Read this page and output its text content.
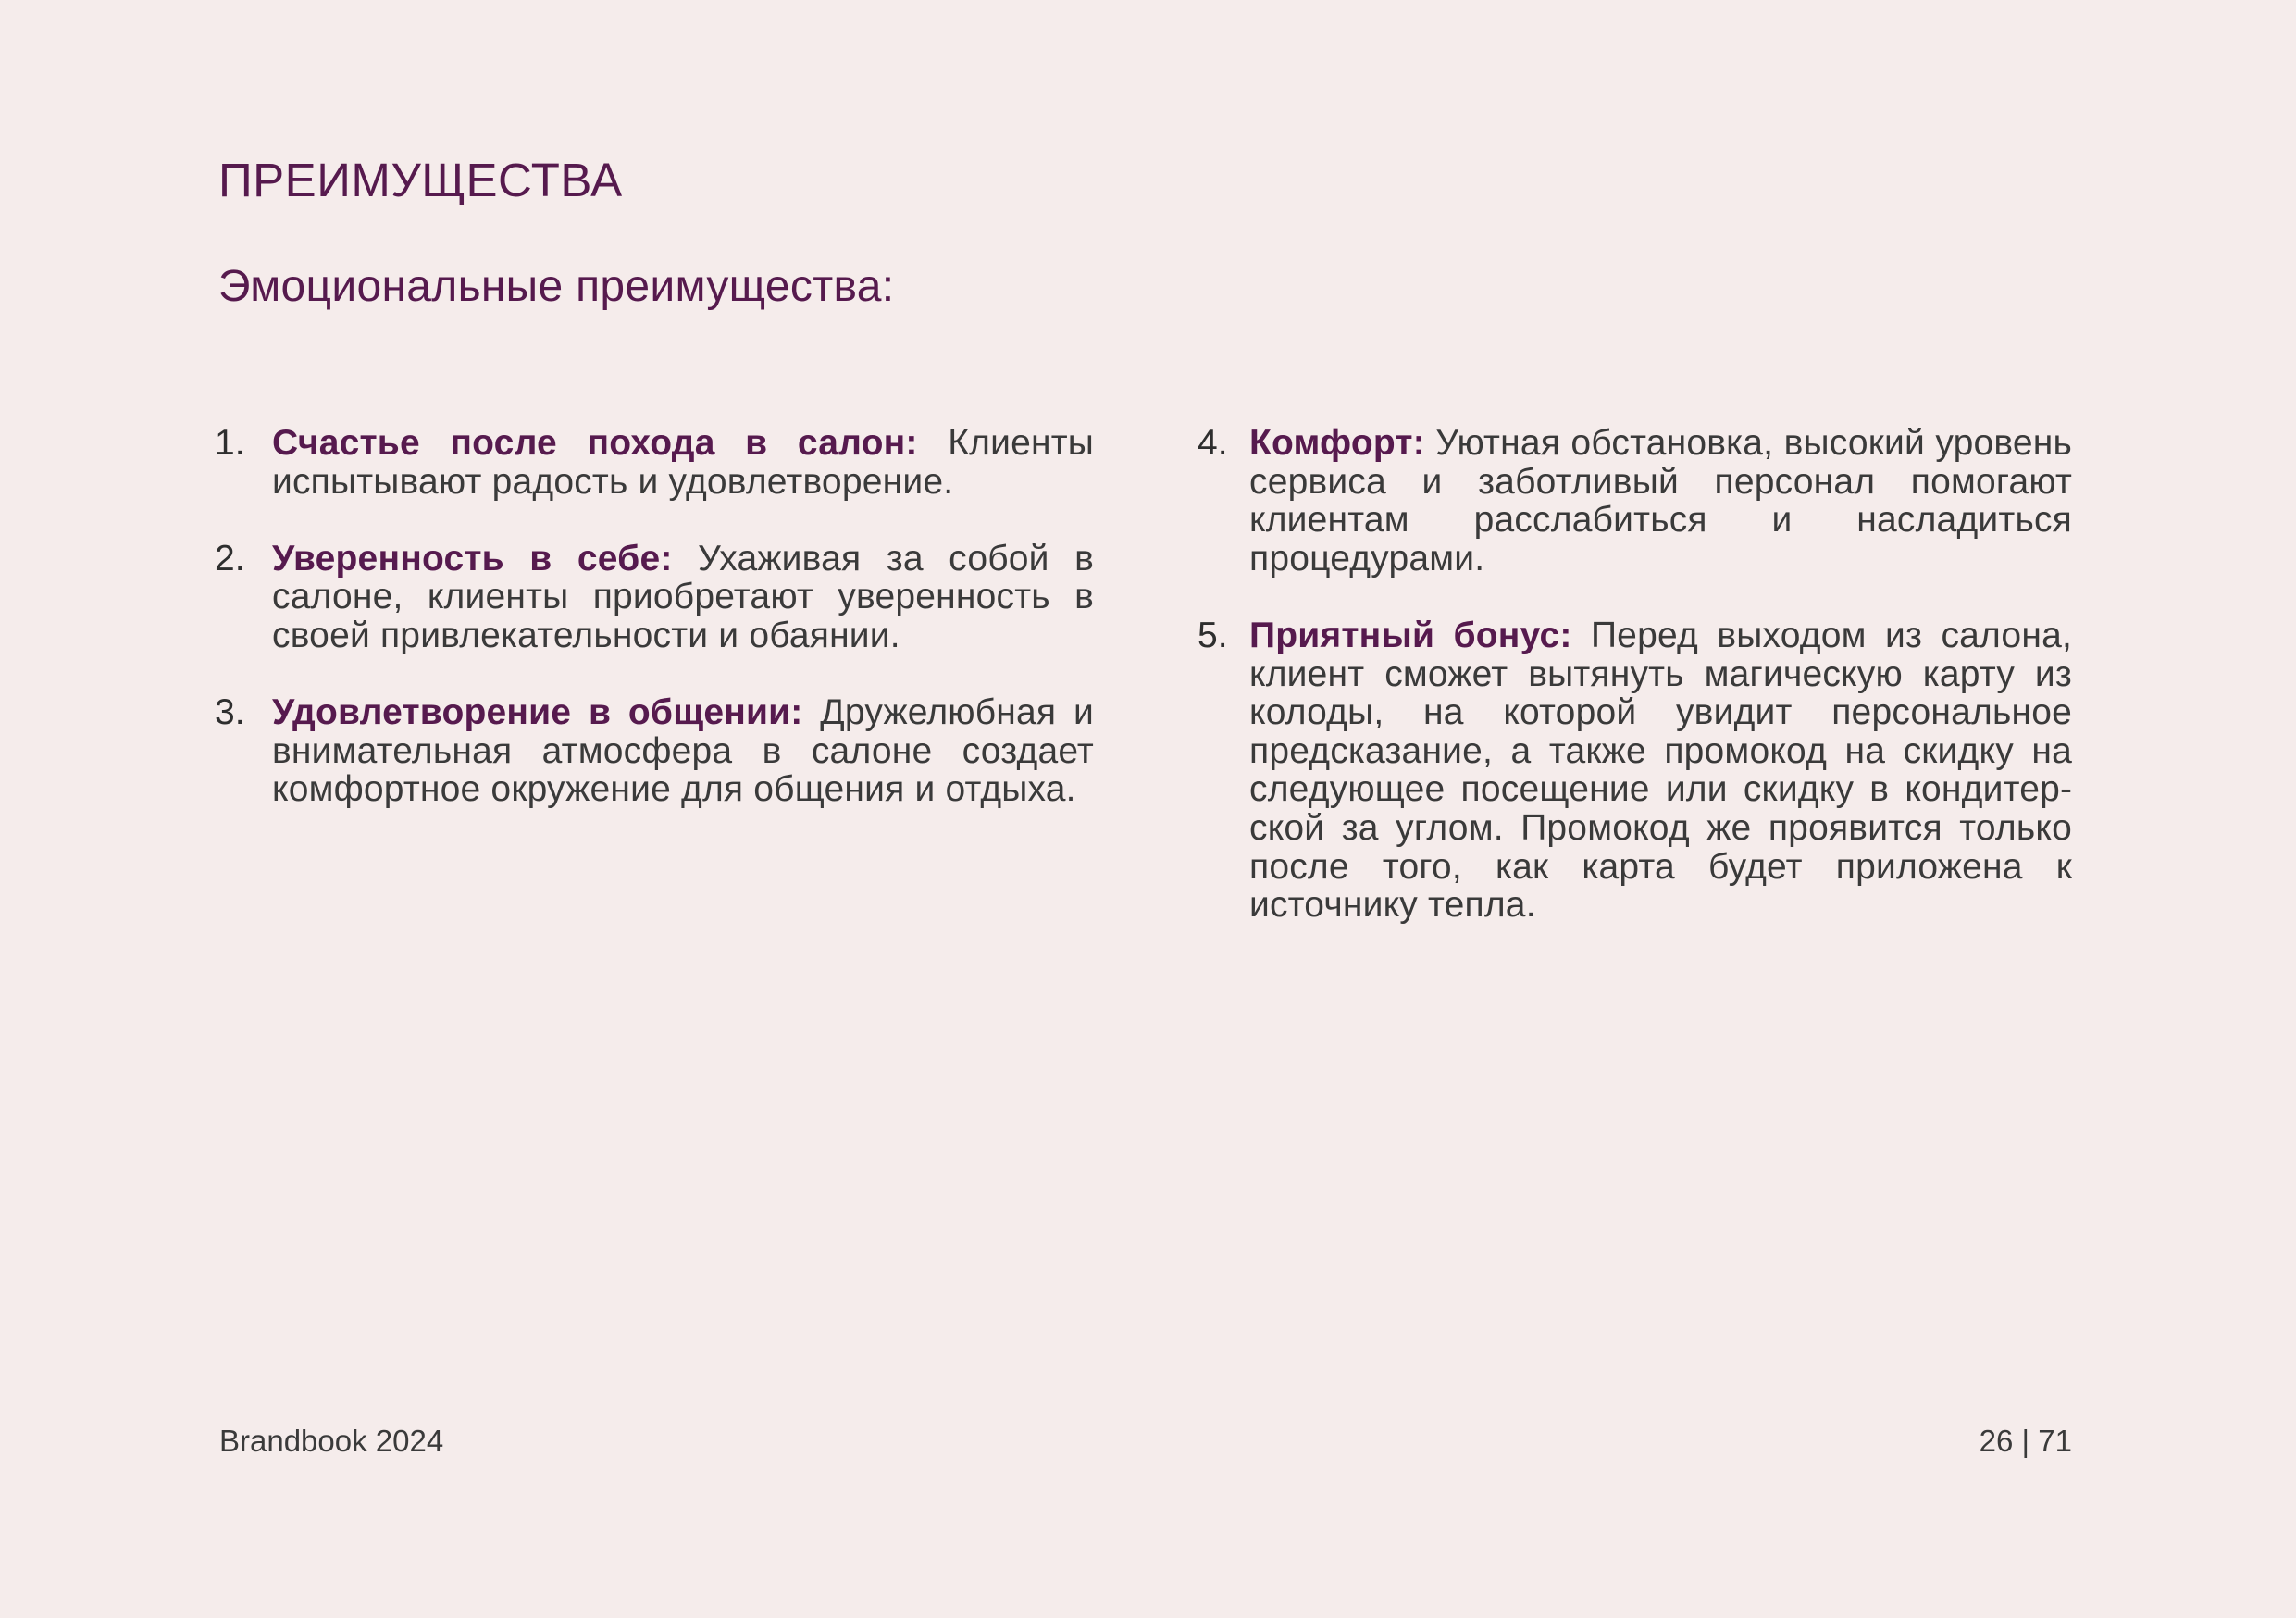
ПРЕИМУЩЕСТВА
Эмоциональные преимущества:
1. Счастье после похода в салон: Клиенты испытывают радость и удовлетворение.
2. Уверенность в себе: Ухаживая за собой в салоне, клиенты приобретают уверенность в своей привлекательности и обаянии.
3. Удовлетворение в общении: Дружелюбная и внимательная атмосфера в салоне создает комфортное окружение для общения и отдыха.
4. Комфорт: Уютная обстановка, высокий уровень сервиса и заботливый персонал помогают клиентам расслабиться и насладиться процедурами.
5. Приятный бонус: Перед выходом из салона, клиент сможет вытянуть магическую карту из колоды, на которой увидит персональное предсказание, а также промокод на скидку на следующее посещение или скидку в кондитерской за углом. Промокод же проявится только после того, как карта будет приложена к источнику тепла.
Brandbook 2024	26 | 71
